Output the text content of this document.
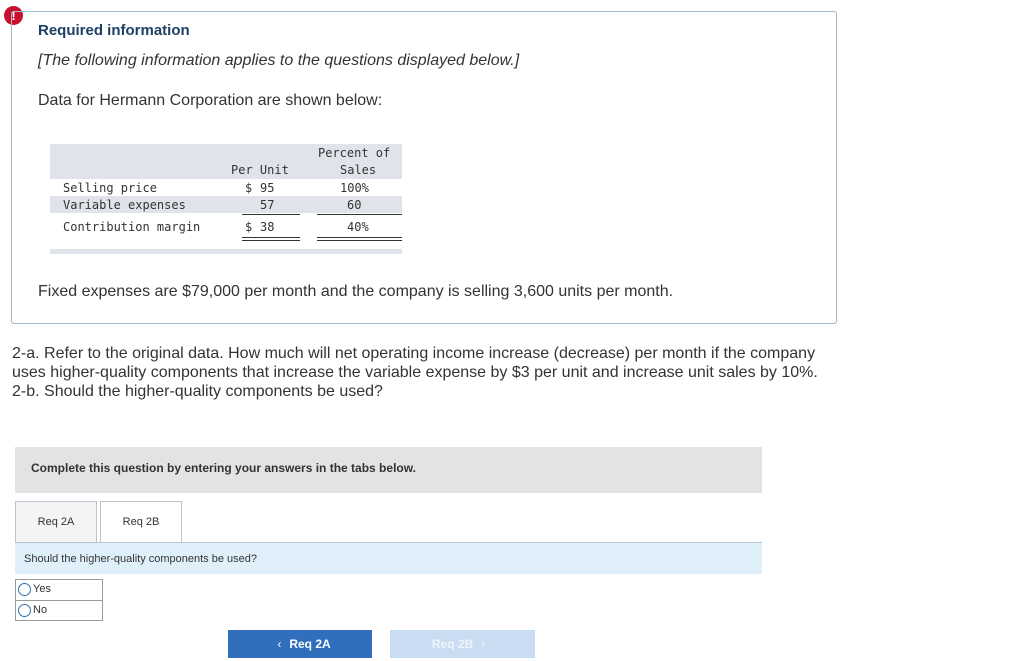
!
Required information
[The following information applies to the questions displayed below.]
Data for Hermann Corporation are shown below:
Percent of
Per Unit	Sales
Selling price	$ 95	100%
Variable expenses	57	60
Contribution margin	$ 38	40%
Fixed expenses are $79,000 per month and the company is selling 3,600 units per month.

2-a. Refer to the original data. How much will net operating income increase (decrease) per month if the company uses higher-quality components that increase the variable expense by $3 per unit and increase unit sales by 10%.

2-b. Should the higher-quality components be used?

Complete this question by entering your answers in the tabs below.
Req 2A	Req 2B
Should the higher-quality components be used?
Yes
No
‹ Req 2A	Req 2B ›
